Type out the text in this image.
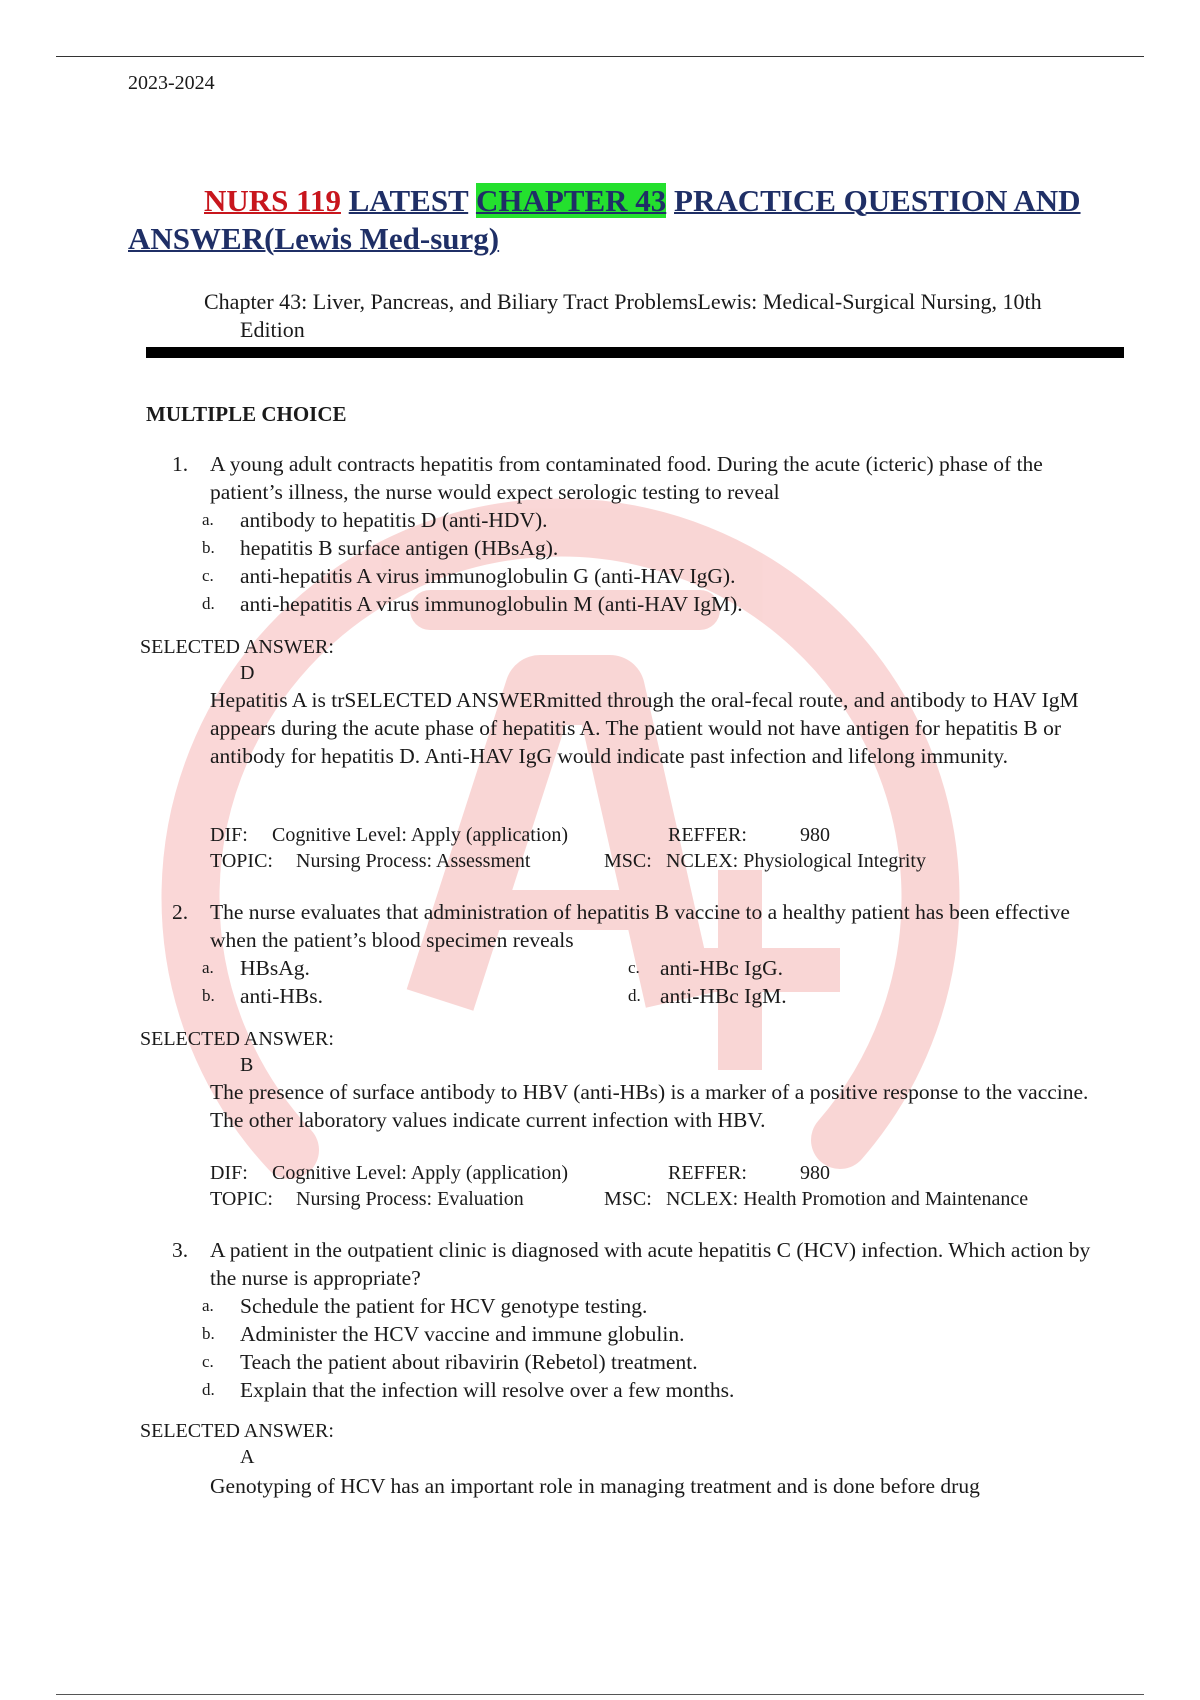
2023-2024
NURS 119 LATEST CHAPTER 43 PRACTICE QUESTION AND ANSWER(Lewis Med-surg)
Chapter 43: Liver, Pancreas, and Biliary Tract ProblemsLewis: Medical-Surgical Nursing, 10th
Edition
MULTIPLE CHOICE
1. A young adult contracts hepatitis from contaminated food. During the acute (icteric) phase of the patient’s illness, the nurse would expect serologic testing to reveal
a. antibody to hepatitis D (anti-HDV).
b. hepatitis B surface antigen (HBsAg).
c. anti-hepatitis A virus immunoglobulin G (anti-HAV IgG).
d. anti-hepatitis A virus immunoglobulin M (anti-HAV IgM).
SELECTED ANSWER:
D
Hepatitis A is trSELECTED ANSWERmitted through the oral-fecal route, and antibody to HAV IgM appears during the acute phase of hepatitis A. The patient would not have antigen for hepatitis B or antibody for hepatitis D. Anti-HAV IgG would indicate past infection and lifelong immunity.
DIF: Cognitive Level: Apply (application)	REFFER:	980
TOPIC: Nursing Process: Assessment	MSC: NCLEX: Physiological Integrity
2. The nurse evaluates that administration of hepatitis B vaccine to a healthy patient has been effective when the patient’s blood specimen reveals
a. HBsAg.	c. anti-HBc IgG.
b. anti-HBs.	d. anti-HBc IgM.
SELECTED ANSWER:
B
The presence of surface antibody to HBV (anti-HBs) is a marker of a positive response to the vaccine. The other laboratory values indicate current infection with HBV.
DIF: Cognitive Level: Apply (application)	REFFER:	980
TOPIC: Nursing Process: Evaluation	MSC: NCLEX: Health Promotion and Maintenance
3. A patient in the outpatient clinic is diagnosed with acute hepatitis C (HCV) infection. Which action by the nurse is appropriate?
a. Schedule the patient for HCV genotype testing.
b. Administer the HCV vaccine and immune globulin.
c. Teach the patient about ribavirin (Rebetol) treatment.
d. Explain that the infection will resolve over a few months.
SELECTED ANSWER:
A
Genotyping of HCV has an important role in managing treatment and is done before drug
